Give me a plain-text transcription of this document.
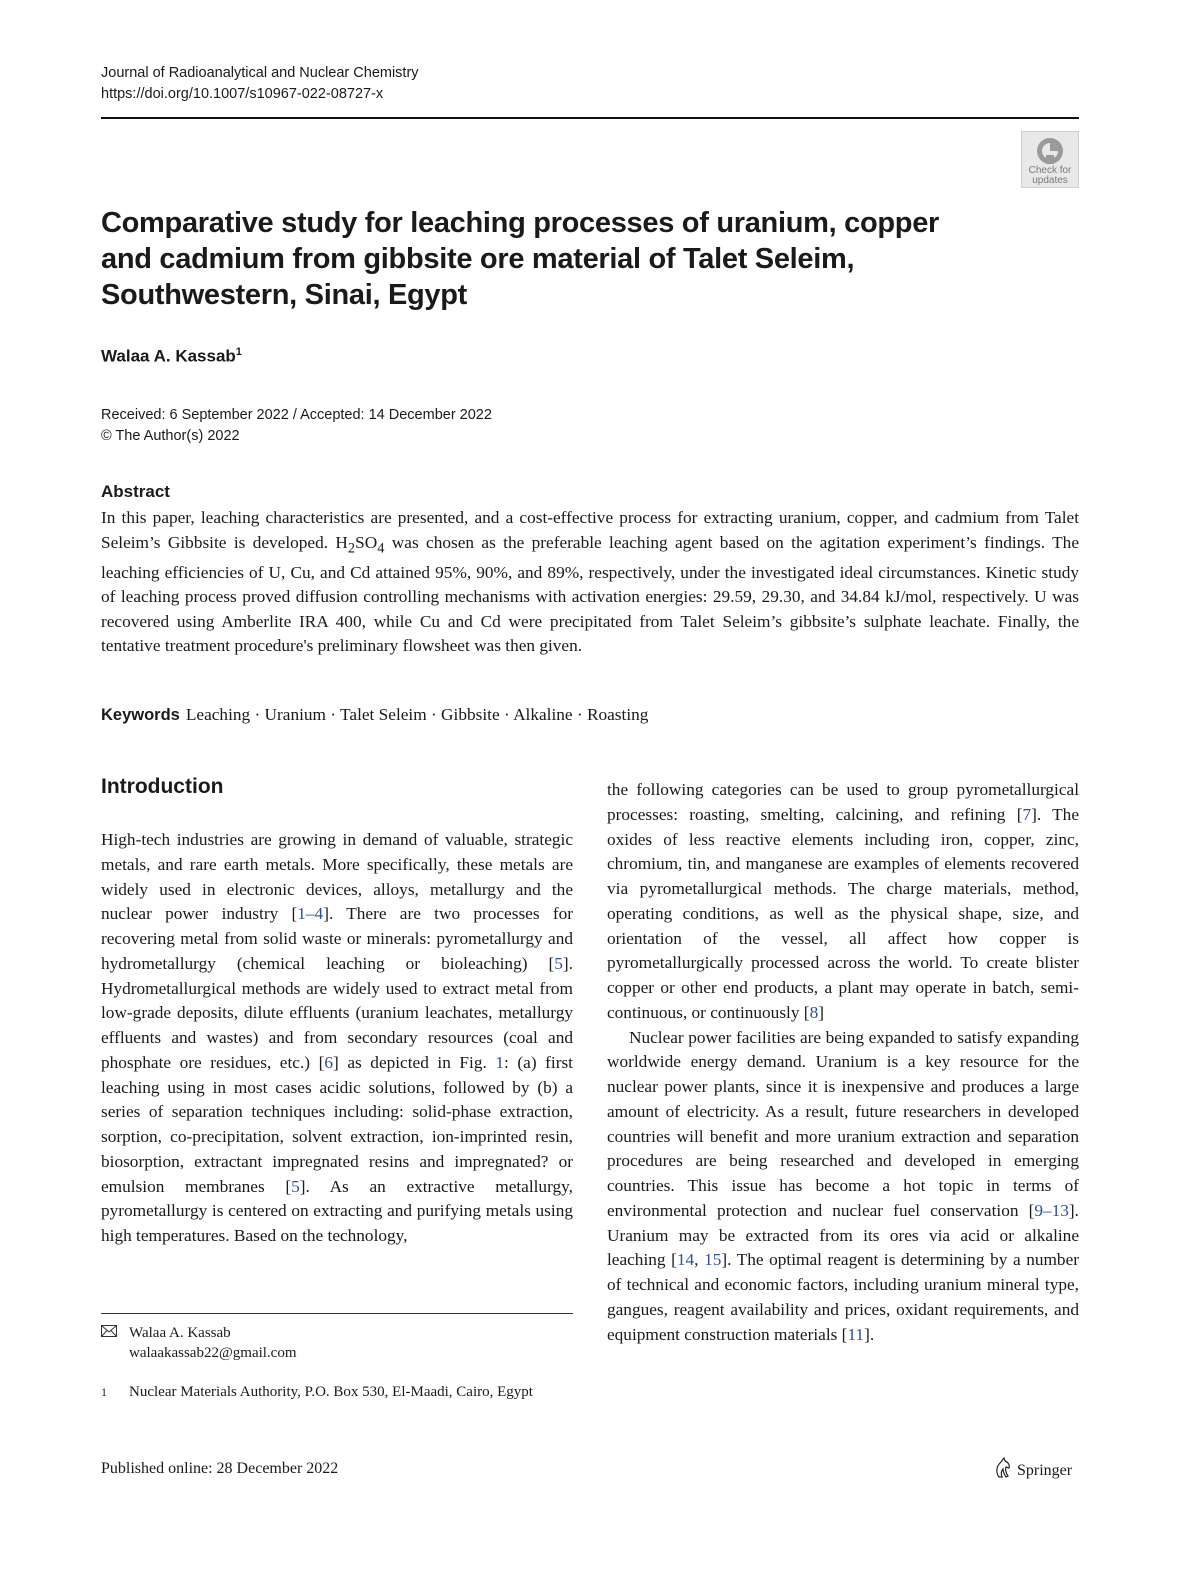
Journal of Radioanalytical and Nuclear Chemistry
https://doi.org/10.1007/s10967-022-08727-x
Check for
updates
Comparative study for leaching processes of uranium, copper
and cadmium from gibbsite ore material of Talet Seleim,
Southwestern, Sinai, Egypt
Walaa A. Kassab$^1$
Received: 6 September 2022 / Accepted: 14 December 2022
© The Author(s) 2022
Abstract
In this paper, leaching characteristics are presented, and a cost-effective process for extracting uranium, copper, and cadmium from Talet Seleim’s Gibbsite is developed. $H_2SO_4$ was chosen as the preferable leaching agent based on the agitation experiment’s findings. The leaching efficiencies of U, Cu, and Cd attained 95%, 90%, and 89%, respectively, under the investigated ideal circumstances. Kinetic study of leaching process proved diffusion controlling mechanisms with activation energies: 29.59, 29.30, and 34.84 kJ/mol, respectively. U was recovered using Amberlite IRA 400, while Cu and Cd were precipitated from Talet Seleim’s gibbsite’s sulphate leachate. Finally, the tentative treatment procedure's preliminary flowsheet was then given.
Keywords Leaching · Uranium · Talet Seleim · Gibbsite · Alkaline · Roasting
Introduction

High-tech industries are growing in demand of valuable, strategic metals, and rare earth metals. More specifically, these metals are widely used in electronic devices, alloys, metallurgy and the nuclear power industry [1–4]. There are two processes for recovering metal from solid waste or minerals: pyrometallurgy and hydrometallurgy (chemical leaching or bioleaching) [5]. Hydrometallurgical methods are widely used to extract metal from low-grade deposits, dilute effluents (uranium leachates, metallurgy effluents and wastes) and from secondary resources (coal and phosphate ore residues, etc.) [6] as depicted in Fig. 1: (a) first leaching using in most cases acidic solutions, followed by (b) a series of separation techniques including: solid-phase extraction, sorption, co-precipitation, solvent extraction, ion-imprinted resin, biosorption, extractant impregnated resins and impregnated? or emulsion membranes [5]. As an extractive metallurgy, pyrometallurgy is centered on extracting and purifying metals using high temperatures. Based on the technology,

the following categories can be used to group pyrometallurgical processes: roasting, smelting, calcining, and refining [7]. The oxides of less reactive elements including iron, copper, zinc, chromium, tin, and manganese are examples of elements recovered via pyrometallurgical methods. The charge materials, method, operating conditions, as well as the physical shape, size, and orientation of the vessel, all affect how copper is pyrometallurgically processed across the world. To create blister copper or other end products, a plant may operate in batch, semi-continuous, or continuously [8]

Nuclear power facilities are being expanded to satisfy expanding worldwide energy demand. Uranium is a key resource for the nuclear power plants, since it is inexpensive and produces a large amount of electricity. As a result, future researchers in developed countries will benefit and more uranium extraction and separation procedures are being researched and developed in emerging countries. This issue has become a hot topic in terms of environmental protection and nuclear fuel conservation [9–13]. Uranium may be extracted from its ores via acid or alkaline leaching [14, 15]. The optimal reagent is determining by a number of technical and economic factors, including uranium mineral type, gangues, reagent availability and prices, oxidant requirements, and equipment construction materials [11].

Walaa A. Kassab
walaakassab22@gmail.com
1 Nuclear Materials Authority, P.O. Box 530, El-Maadi, Cairo, Egypt
Published online: 28 December 2022	Springer
